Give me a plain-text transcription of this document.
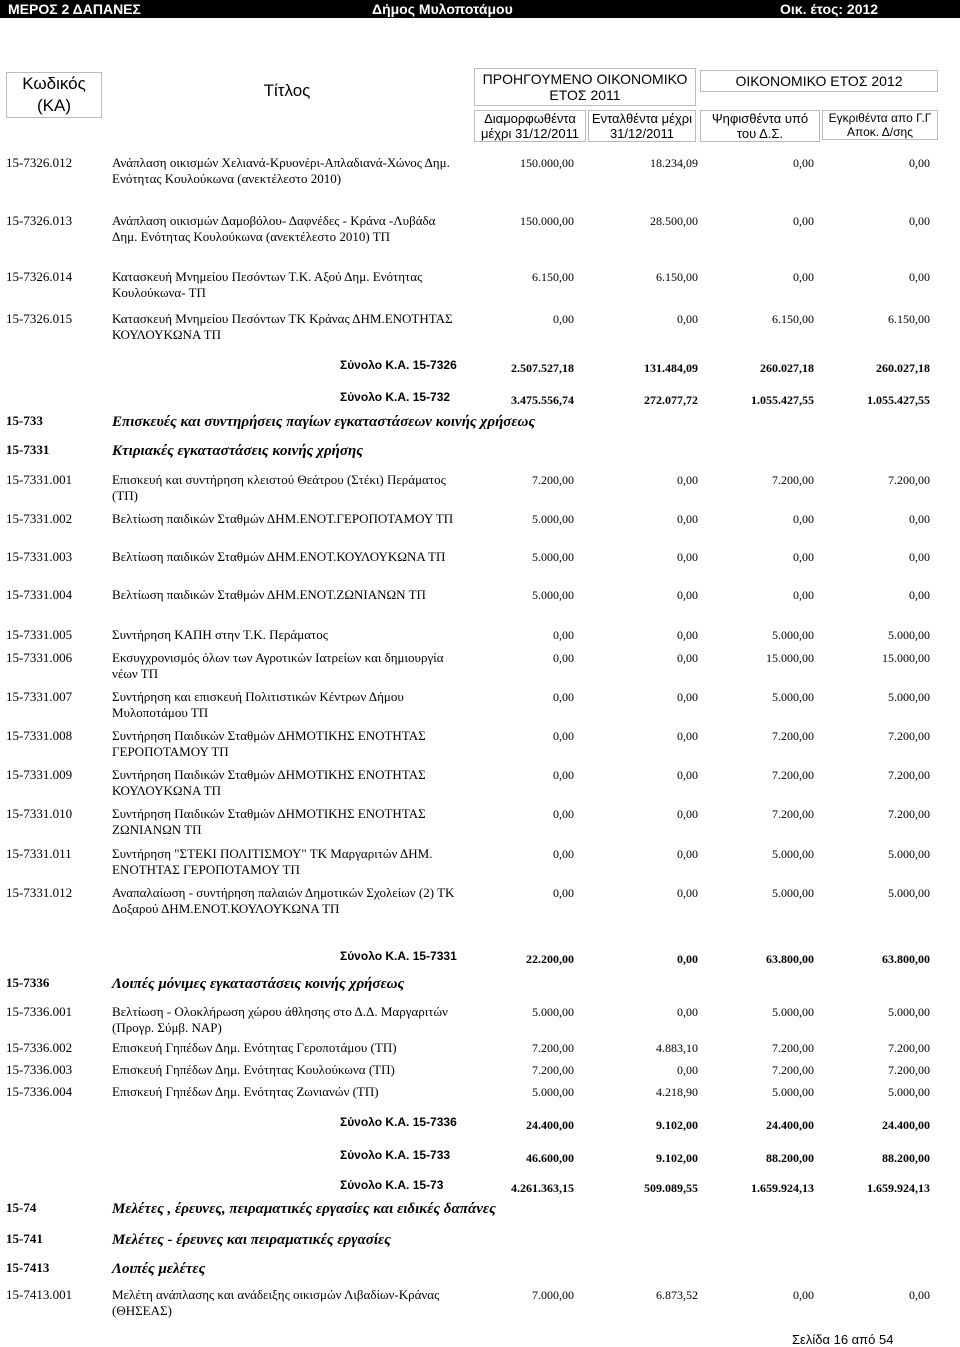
ΜΕΡΟΣ 2 ΔΑΠΑΝΕΣ	Δήμος Μυλοποτάμου	Οικ. έτος: 2012
Κωδικός (ΚΑ)
Τίτλος
ΠΡΟΗΓΟΥΜΕΝΟ ΟΙΚΟΝΟΜΙΚΟ ΕΤΟΣ 2011
ΟΙΚΟΝΟΜΙΚΟ ΕΤΟΣ 2012
Διαμορφωθέντα μέχρι 31/12/2011
Ενταλθέντα μέχρι 31/12/2011
Ψηφισθέντα υπό του Δ.Σ.
Εγκριθέντα απο Γ.Γ Αποκ. Δ/σης
15-7326.012	Ανάπλαση οικισμών Χελιανά-Κρυονέρι-Απλαδιανά-Χώνος Δημ. Ενότητας Κουλούκωνα (ανεκτέλεστο 2010)
150.000,00	18.234,09	0,00	0,00
15-7326.013	Ανάπλαση οικισμών Δαμοβόλου- Δαφνέδες - Κράνα -Λυβάδα Δημ. Ενότητας Κουλούκωνα (ανεκτέλεστο 2010) ΤΠ
150.000,00	28.500,00	0,00	0,00
15-7326.014	Κατασκευή Μνημείου Πεσόντων Τ.Κ. Αξού Δημ. Ενότητας Κουλούκωνα- ΤΠ
6.150,00	6.150,00	0,00	0,00
15-7326.015	Κατασκευή Μνημείου Πεσόντων ΤΚ Κράνας ΔΗΜ.ΕΝΟΤΗΤΑΣ ΚΟΥΛΟΥΚΩΝΑ ΤΠ
0,00	0,00	6.150,00	6.150,00
Σύνολο Κ.Α. 15-7326	2.507.527,18	131.484,09	260.027,18	260.027,18
Σύνολο Κ.Α. 15-732	3.475.556,74	272.077,72	1.055.427,55	1.055.427,55
15-733	Επισκευές και συντηρήσεις παγίων εγκαταστάσεων κοινής χρήσεως
15-7331	Κτιριακές εγκαταστάσεις κοινής χρήσης
15-7331.001	Επισκευή και συντήρηση κλειστού Θεάτρου (Στέκι) Περάματος (ΤΠ)
7.200,00	0,00	7.200,00	7.200,00
15-7331.002	Βελτίωση παιδικών Σταθμών ΔΗΜ.ΕΝΟΤ.ΓΕΡΟΠΟΤΑΜΟΥ ΤΠ	5.000,00	0,00	0,00	0,00
15-7331.003	Βελτίωση παιδικών Σταθμών ΔΗΜ.ΕΝΟΤ.ΚΟΥΛΟΥΚΩΝΑ ΤΠ	5.000,00	0,00	0,00	0,00
15-7331.004	Βελτίωση παιδικών Σταθμών ΔΗΜ.ΕΝΟΤ.ΖΩΝΙΑΝΩΝ ΤΠ	5.000,00	0,00	0,00	0,00
15-7331.005	Συντήρηση ΚΑΠΗ στην Τ.Κ. Περάματος	0,00	0,00	5.000,00	5.000,00
15-7331.006	Εκσυγχρονισμός όλων των Αγροτικών Ιατρείων και δημιουργία νέων ΤΠ
0,00	0,00	15.000,00	15.000,00
15-7331.007	Συντήρηση και επισκευή Πολιτιστικών Κέντρων Δήμου Μυλοποτάμου ΤΠ
0,00	0,00	5.000,00	5.000,00
15-7331.008	Συντήρηση Παιδικών Σταθμών ΔΗΜΟΤΙΚΗΣ ΕΝΟΤΗΤΑΣ ΓΕΡΟΠΟΤΑΜΟΥ ΤΠ
0,00	0,00	7.200,00	7.200,00
15-7331.009	Συντήρηση Παιδικών Σταθμών ΔΗΜΟΤΙΚΗΣ ΕΝΟΤΗΤΑΣ ΚΟΥΛΟΥΚΩΝΑ ΤΠ
0,00	0,00	7.200,00	7.200,00
15-7331.010	Συντήρηση Παιδικών Σταθμών ΔΗΜΟΤΙΚΗΣ ΕΝΟΤΗΤΑΣ ΖΩΝΙΑΝΩΝ ΤΠ
0,00	0,00	7.200,00	7.200,00
15-7331.011	Συντήρηση "ΣΤΕΚΙ ΠΟΛΙΤΙΣΜΟΥ" ΤΚ Μαργαριτών ΔΗΜ. ΕΝΟΤΗΤΑΣ ΓΕΡΟΠΟΤΑΜΟΥ ΤΠ
0,00	0,00	5.000,00	5.000,00
15-7331.012	Αναπαλαίωση - συντήρηση παλαιών Δημοτικών Σχολείων (2) ΤΚ Δοξαρού ΔΗΜ.ΕΝΟΤ.ΚΟΥΛΟΥΚΩΝΑ ΤΠ
0,00	0,00	5.000,00	5.000,00
Σύνολο Κ.Α. 15-7331	22.200,00	0,00	63.800,00	63.800,00
15-7336	Λοιπές μόνιμες εγκαταστάσεις κοινής χρήσεως
15-7336.001	Βελτίωση - Ολοκλήρωση χώρου άθλησης στο Δ.Δ. Μαργαριτών (Προγρ. Σύμβ. ΝΑΡ)
5.000,00	0,00	5.000,00	5.000,00
15-7336.002	Επισκευή Γηπέδων Δημ. Ενότητας Γεροποτάμου (ΤΠ)	7.200,00	4.883,10	7.200,00	7.200,00
15-7336.003	Επισκευή Γηπέδων Δημ. Ενότητας Κουλούκωνα (ΤΠ)	7.200,00	0,00	7.200,00	7.200,00
15-7336.004	Επισκευή Γηπέδων Δημ. Ενότητας Ζωνιανών (ΤΠ)	5.000,00	4.218,90	5.000,00	5.000,00
Σύνολο Κ.Α. 15-7336	24.400,00	9.102,00	24.400,00	24.400,00
Σύνολο Κ.Α. 15-733	46.600,00	9.102,00	88.200,00	88.200,00
Σύνολο Κ.Α. 15-73	4.261.363,15	509.089,55	1.659.924,13	1.659.924,13
15-74	Μελέτες , έρευνες, πειραματικές εργασίες και ειδικές δαπάνες
15-741	Μελέτες - έρευνες και πειραματικές εργασίες
15-7413	Λοιπές μελέτες
15-7413.001	Μελέτη ανάπλασης και ανάδειξης οικισμών Λιβαδίων-Κράνας (ΘΗΣΕΑΣ)
7.000,00	6.873,52	0,00	0,00
Σελίδα 16 από 54
